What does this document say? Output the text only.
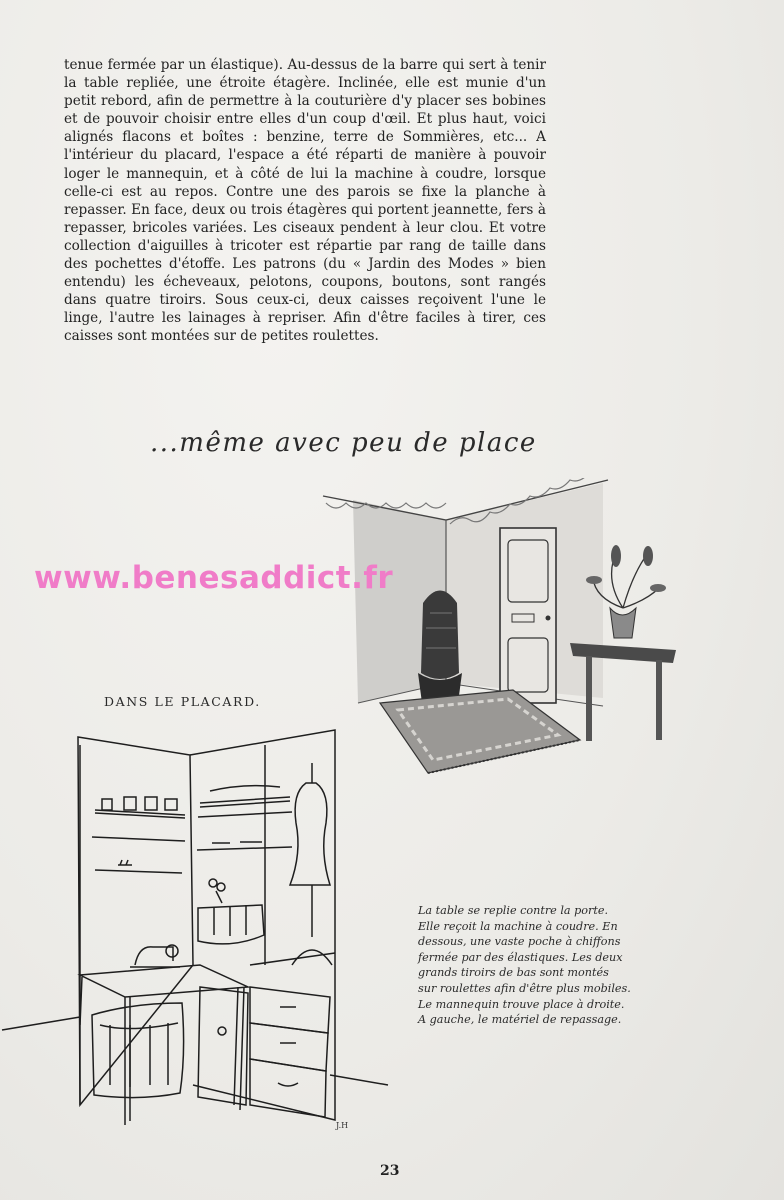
tenue fermée par un élastique). Au-dessus de la barre qui sert à tenir la table repliée, une étroite étagère. Inclinée, elle est munie d'un petit rebord, afin de permettre à la couturière d'y placer ses bobines et de pouvoir choisir entre elles d'un coup d'œil. Et plus haut, voici alignés flacons et boîtes : benzine, terre de Sommières, etc... A l'intérieur du placard, l'espace a été réparti de manière à pouvoir loger le mannequin, et à côté de lui la machine à coudre, lorsque celle-ci est au repos. Contre une des parois se fixe la planche à repasser. En face, deux ou trois étagères qui portent jeannette, fers à repasser, bricoles variées. Les ciseaux pendent à leur clou. Et votre collection d'aiguilles à tricoter est répartie par rang de taille dans des pochettes d'étoffe. Les patrons (du « Jardin des Modes » bien entendu) les écheveaux, pelotons, coupons, boutons, sont rangés dans quatre tiroirs. Sous ceux-ci, deux caisses reçoivent l'une le linge, l'autre les lainages à repriser. Afin d'être faciles à tirer, ces caisses sont montées sur de petites roulettes.

...même avec peu de place
www.benesaddict.fr
DANS LE PLACARD.
J.H
La table se replie contre la porte.
Elle reçoit la machine à coudre. En
dessous, une vaste poche à chiffons
fermée par des élastiques. Les deux
grands tiroirs de bas sont montés
sur roulettes afin d'être plus mobiles.
Le mannequin trouve place à droite.
A gauche, le matériel de repassage.
23
